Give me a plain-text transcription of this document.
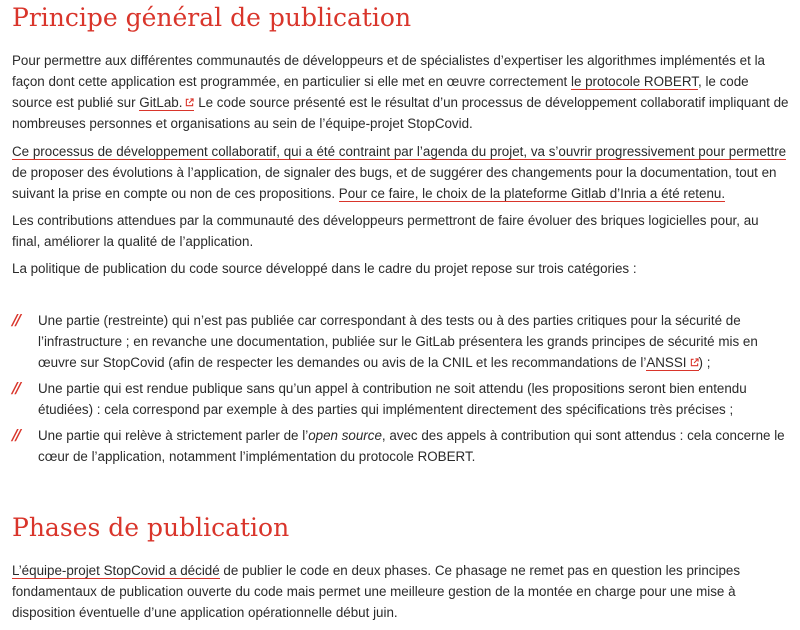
Principe général de publication

Pour permettre aux différentes communautés de développeurs et de spécialistes d’expertiser les algorithmes implémentés et la façon dont cette application est programmée, en particulier si elle met en œuvre correctement le protocole ROBERT, le code source est publié sur GitLab. Le code source présenté est le résultat d’un processus de développement collaboratif impliquant de nombreuses personnes et organisations au sein de l’équipe-projet StopCovid.

Ce processus de développement collaboratif, qui a été contraint par l’agenda du projet, va s’ouvrir progressivement pour permettre de proposer des évolutions à l’application, de signaler des bugs, et de suggérer des changements pour la documentation, tout en suivant la prise en compte ou non de ces propositions. Pour ce faire, le choix de la plateforme Gitlab d’Inria a été retenu.

Les contributions attendues par la communauté des développeurs permettront de faire évoluer des briques logicielles pour, au final, améliorer la qualité de l’application.

La politique de publication du code source développé dans le cadre du projet repose sur trois catégories :

// Une partie (restreinte) qui n’est pas publiée car correspondant à des tests ou à des parties critiques pour la sécurité de l’infrastructure ; en revanche une documentation, publiée sur le GitLab présentera les grands principes de sécurité mis en œuvre sur StopCovid (afin de respecter les demandes ou avis de la CNIL et les recommandations de l’ANSSI ) ;
// Une partie qui est rendue publique sans qu’un appel à contribution ne soit attendu (les propositions seront bien entendu étudiées) : cela correspond par exemple à des parties qui implémentent directement des spécifications très précises ;
// Une partie qui relève à strictement parler de l’open source, avec des appels à contribution qui sont attendus : cela concerne le cœur de l’application, notamment l’implémentation du protocole ROBERT.
Phases de publication

L’équipe-projet StopCovid a décidé de publier le code en deux phases. Ce phasage ne remet pas en question les principes fondamentaux de publication ouverte du code mais permet une meilleure gestion de la montée en charge pour une mise à disposition éventuelle d’une application opérationnelle début juin.
